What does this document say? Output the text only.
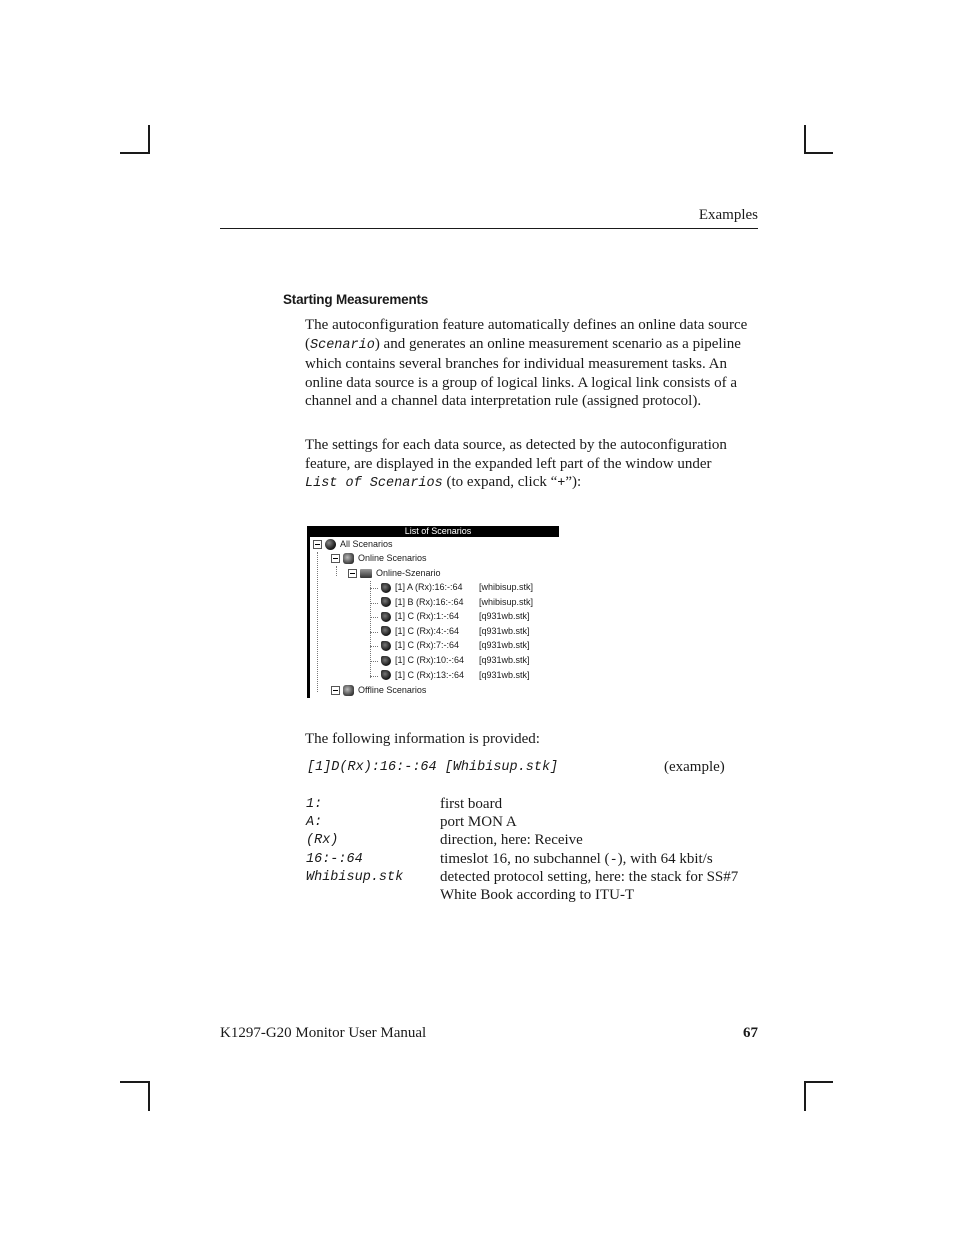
Examples
Starting Measurements

The autoconfiguration feature automatically defines an online data source (Scenario) and generates an online measurement scenario as a pipeline which contains several branches for individual measurement tasks. An online data source is a group of logical links. A logical link consists of a channel and a channel data interpretation rule (assigned protocol).

The settings for each data source, as detected by the autoconfiguration feature, are displayed in the expanded left part of the window under
List of Scenarios (to expand, click “+”):

List of Scenarios
All Scenarios
Online Scenarios
Online-Szenario
Offline Scenarios
[1] A (Rx):16:-:64	[whibisup.stk]
[1] B (Rx):16:-:64	[whibisup.stk]
[1] C (Rx):1:-:64	[q931wb.stk]
[1] C (Rx):4:-:64	[q931wb.stk]
[1] C (Rx):7:-:64	[q931wb.stk]
[1] C (Rx):10:-:64	[q931wb.stk]
[1] C (Rx):13:-:64	[q931wb.stk]
The following information is provided:
[1]D(Rx):16:-:64 [Whibisup.stk]	(example)
1:	first board
A:	port MON A
(Rx)	direction, here: Receive
16:-:64	timeslot 16, no subchannel (-), with 64 kbit/s
Whibisup.stk detected protocol setting, here: the stack for SS#7
White Book according to ITU-T
K1297-G20 Monitor User Manual	67
